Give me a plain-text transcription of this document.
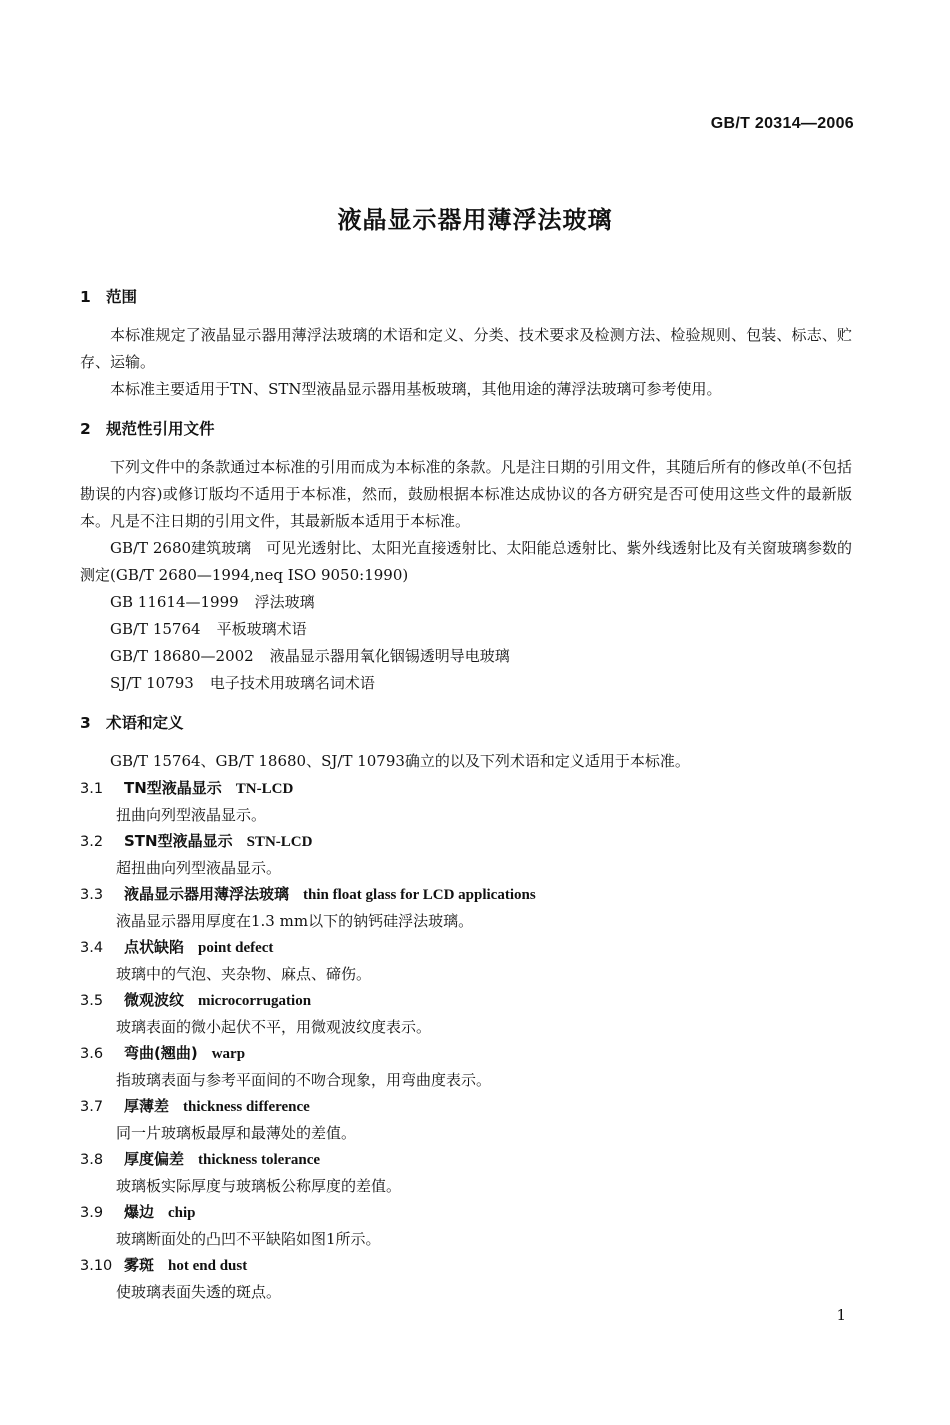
GB/T 20314—2006
液晶显示器用薄浮法玻璃
1 范围

本标准规定了液晶显示器用薄浮法玻璃的术语和定义、分类、技术要求及检测方法、检验规则、包装、标志、贮存、运输。

本标准主要适用于TN、STN型液晶显示器用基板玻璃，其他用途的薄浮法玻璃可参考使用。

2 规范性引用文件

下列文件中的条款通过本标准的引用而成为本标准的条款。凡是注日期的引用文件，其随后所有的修改单(不包括勘误的内容)或修订版均不适用于本标准，然而，鼓励根据本标准达成协议的各方研究是否可使用这些文件的最新版本。凡是不注日期的引用文件，其最新版本适用于本标准。

GB/T 2680建筑玻璃　可见光透射比、太阳光直接透射比、太阳能总透射比、紫外线透射比及有关窗玻璃参数的测定(GB/T 2680—1994,neq ISO 9050:1990)

GB 11614—1999 浮法玻璃

GB/T 15764 平板玻璃术语

GB/T 18680—2002 液晶显示器用氧化铟锡透明导电玻璃

SJ/T 10793 电子技术用玻璃名词术语

3 术语和定义

GB/T 15764、GB/T 18680、SJ/T 10793确立的以及下列术语和定义适用于本标准。

3.1 TN型液晶显示 TN-LCD
扭曲向列型液晶显示。
3.2 STN型液晶显示 STN-LCD
超扭曲向列型液晶显示。
3.3 液晶显示器用薄浮法玻璃 thin float glass for LCD applications
液晶显示器用厚度在1.3 mm以下的钠钙硅浮法玻璃。
3.4 点状缺陷 point defect
玻璃中的气泡、夹杂物、麻点、碲伤。
3.5 微观波纹 microcorrugation
玻璃表面的微小起伏不平，用微观波纹度表示。
3.6 弯曲(翘曲) warp
指玻璃表面与参考平面间的不吻合现象，用弯曲度表示。
3.7 厚薄差 thickness difference
同一片玻璃板最厚和最薄处的差值。
3.8 厚度偏差 thickness tolerance
玻璃板实际厚度与玻璃板公称厚度的差值。
3.9 爆边 chip
玻璃断面处的凸凹不平缺陷如图1所示。
3.10 雾斑 hot end dust
使玻璃表面失透的斑点。
1
